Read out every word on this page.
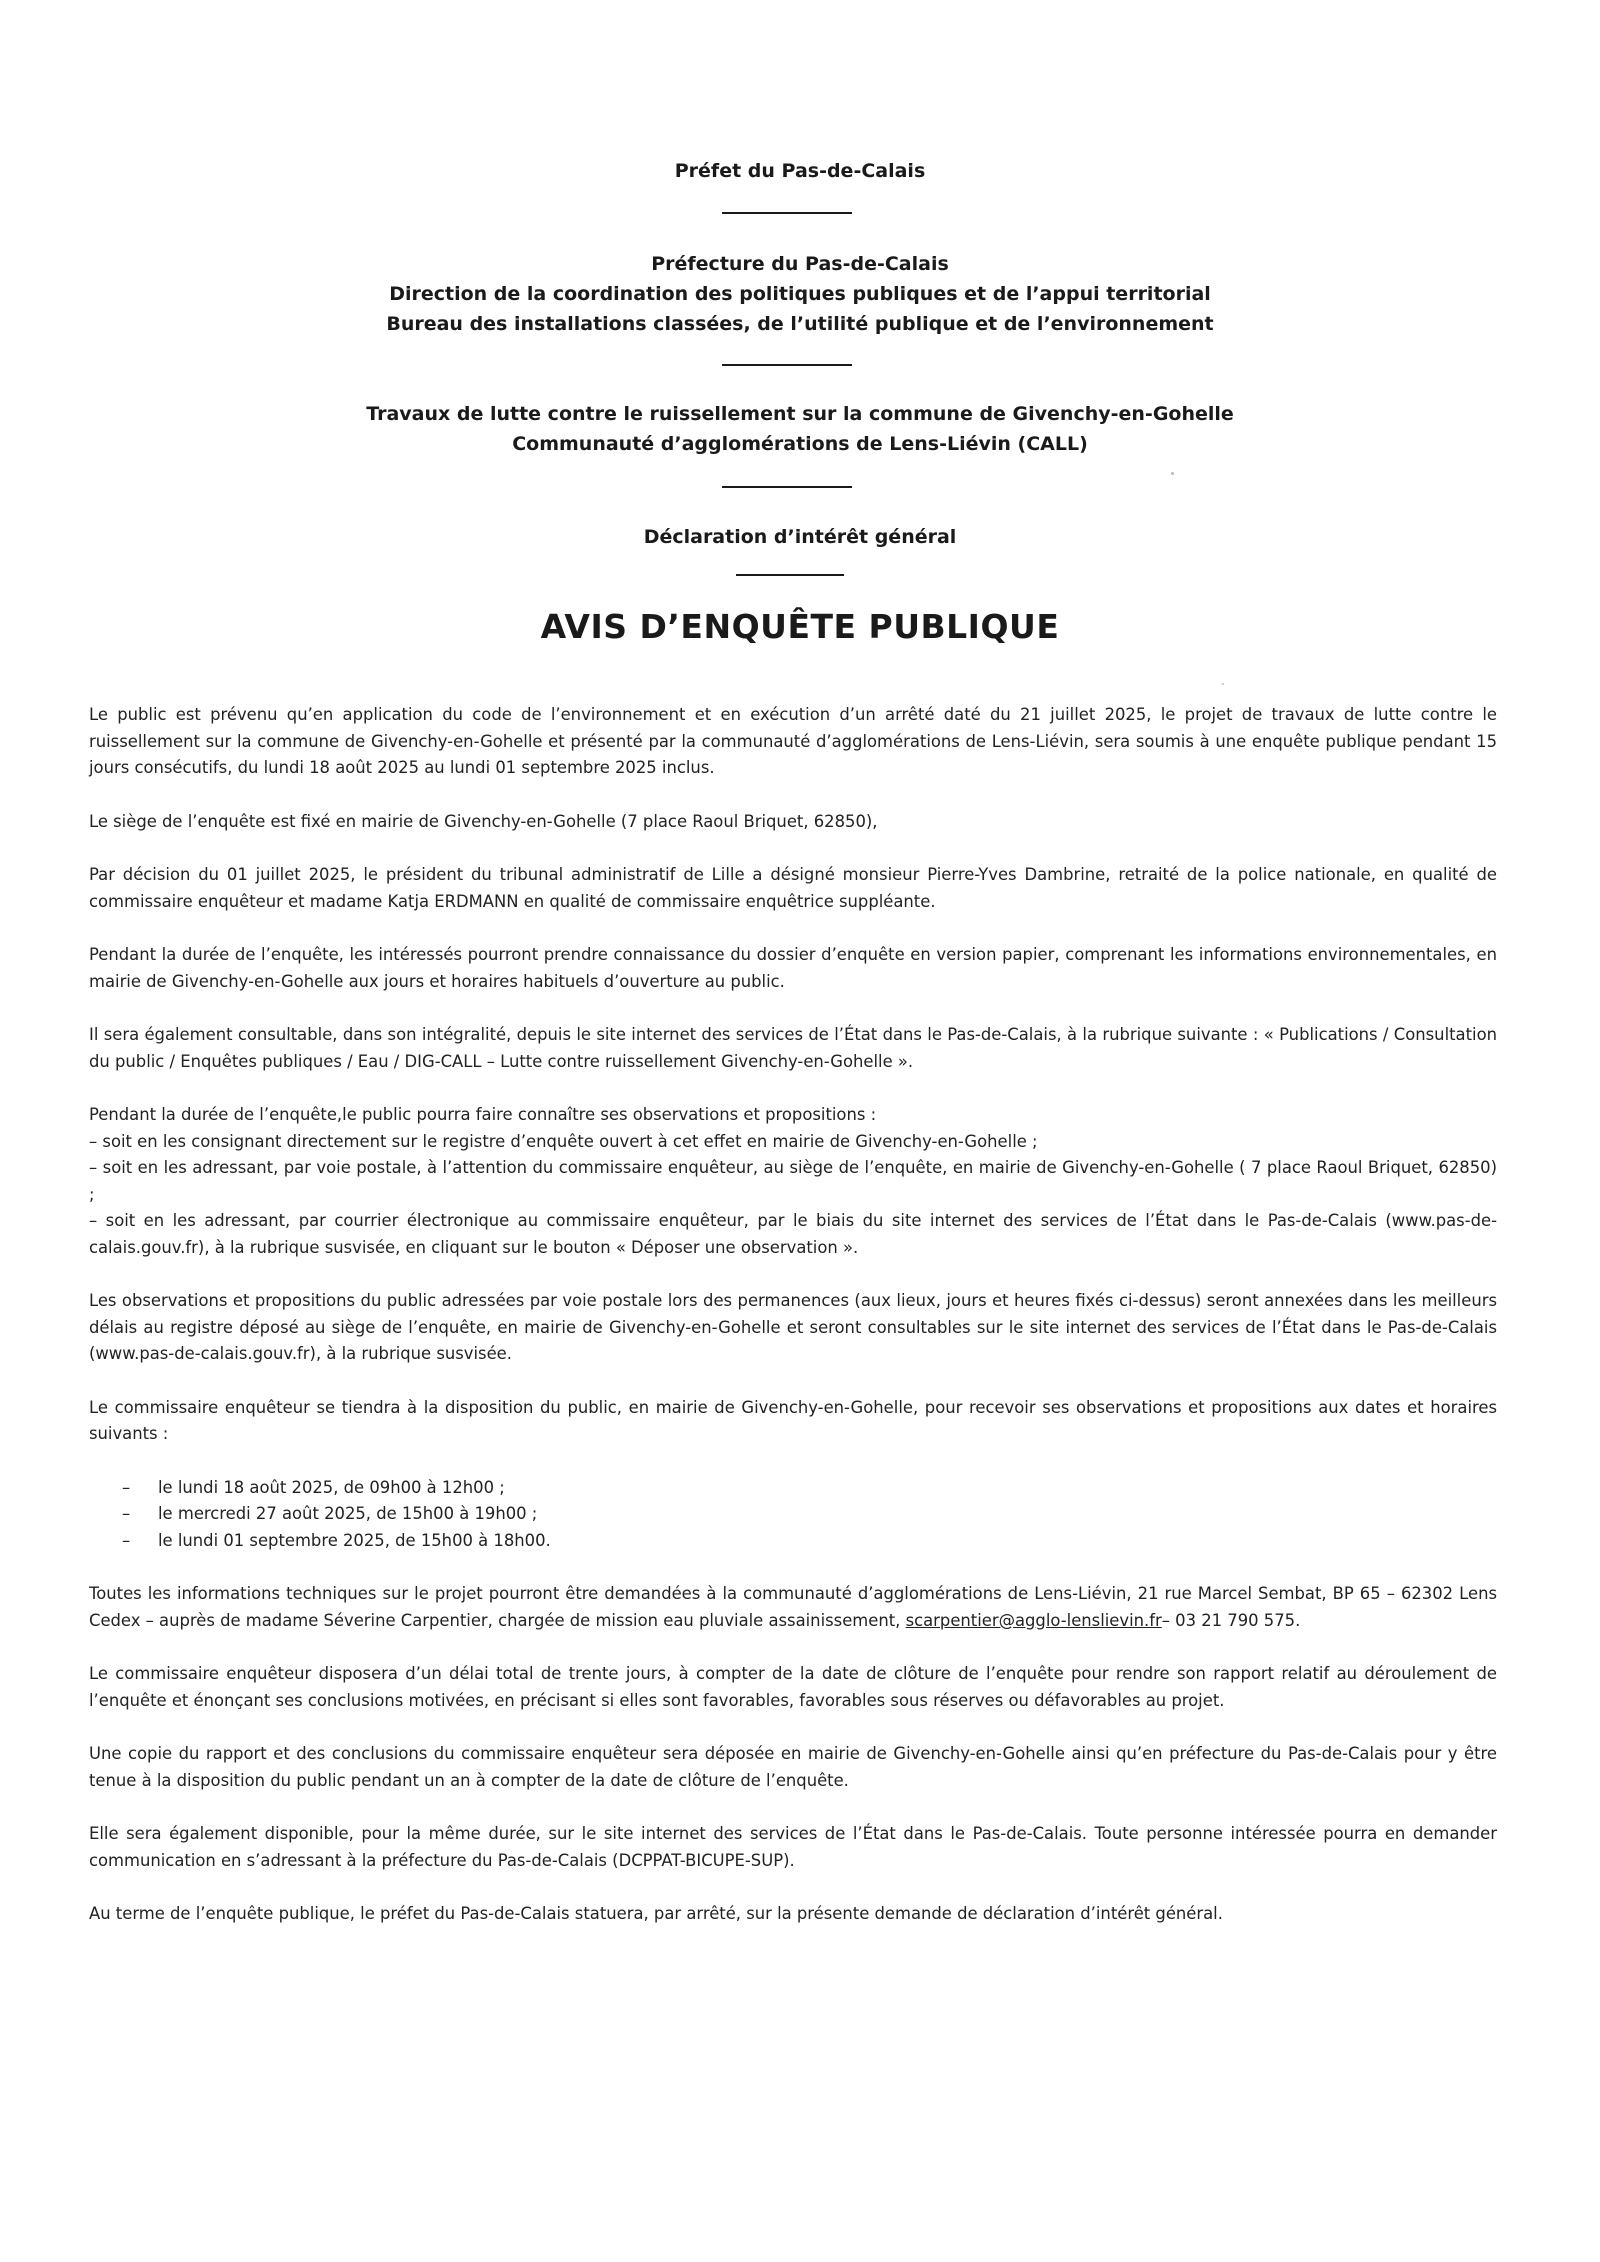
Préfet du Pas-de-Calais
Préfecture du Pas-de-Calais
Direction de la coordination des politiques publiques et de l’appui territorial
Bureau des installations classées, de l’utilité publique et de l’environnement
Travaux de lutte contre le ruissellement sur la commune de Givenchy-en-Gohelle
Communauté d’agglomérations de Lens-Liévin (CALL)
Déclaration d’intérêt général
AVIS D’ENQUÊTE PUBLIQUE

Le public est prévenu qu’en application du code de l’environnement et en exécution d’un arrêté daté du 21 juillet 2025, le projet de travaux de lutte contre le ruissellement sur la commune de Givenchy-en-Gohelle et présenté par la communauté d’agglomérations de Lens-Liévin, sera soumis à une enquête publique pendant 15 jours consécutifs, du lundi 18 août 2025 au lundi 01 septembre 2025 inclus.

Le siège de l’enquête est fixé en mairie de Givenchy-en-Gohelle (7 place Raoul Briquet, 62850),

Par décision du 01 juillet 2025, le président du tribunal administratif de Lille a désigné monsieur Pierre-Yves Dambrine, retraité de la police nationale, en qualité de commissaire enquêteur et madame Katja ERDMANN en qualité de commissaire enquêtrice suppléante.

Pendant la durée de l’enquête, les intéressés pourront prendre connaissance du dossier d’enquête en version papier, comprenant les informations environnementales, en mairie de Givenchy-en-Gohelle aux jours et horaires habituels d’ouverture au public.

Il sera également consultable, dans son intégralité, depuis le site internet des services de l’État dans le Pas-de-Calais, à la rubrique suivante : « Publications / Consultation du public / Enquêtes publiques / Eau / DIG-CALL – Lutte contre ruissellement Givenchy-en-Gohelle ».

Pendant la durée de l’enquête,le public pourra faire connaître ses observations et propositions :
– soit en les consignant directement sur le registre d’enquête ouvert à cet effet en mairie de Givenchy-en-Gohelle ;
– soit en les adressant, par voie postale, à l’attention du commissaire enquêteur, au siège de l’enquête, en mairie de Givenchy-en-Gohelle ( 7 place Raoul Briquet, 62850) ;
– soit en les adressant, par courrier électronique au commissaire enquêteur, par le biais du site internet des services de l’État dans le Pas-de-Calais (www.pas-de-calais.gouv.fr), à la rubrique susvisée, en cliquant sur le bouton « Déposer une observation ».

Les observations et propositions du public adressées par voie postale lors des permanences (aux lieux, jours et heures fixés ci-dessus) seront annexées dans les meilleurs délais au registre déposé au siège de l’enquête, en mairie de Givenchy-en-Gohelle et seront consultables sur le site internet des services de l’État dans le Pas-de-Calais (www.pas-de-calais.gouv.fr), à la rubrique susvisée.

Le commissaire enquêteur se tiendra à la disposition du public, en mairie de Givenchy-en-Gohelle, pour recevoir ses observations et propositions aux dates et horaires suivants :

– le lundi 18 août 2025, de 09h00 à 12h00 ;
– le mercredi 27 août 2025, de 15h00 à 19h00 ;
– le lundi 01 septembre 2025, de 15h00 à 18h00.

Toutes les informations techniques sur le projet pourront être demandées à la communauté d’agglomérations de Lens-Liévin, 21 rue Marcel Sembat, BP 65 – 62302 Lens Cedex – auprès de madame Séverine Carpentier, chargée de mission eau pluviale assainissement, scarpentier@agglo-lenslievin.fr– 03 21 790 575.

Le commissaire enquêteur disposera d’un délai total de trente jours, à compter de la date de clôture de l’enquête pour rendre son rapport relatif au déroulement de l’enquête et énonçant ses conclusions motivées, en précisant si elles sont favorables, favorables sous réserves ou défavorables au projet.

Une copie du rapport et des conclusions du commissaire enquêteur sera déposée en mairie de Givenchy-en-Gohelle ainsi qu’en préfecture du Pas-de-Calais pour y être tenue à la disposition du public pendant un an à compter de la date de clôture de l’enquête.

Elle sera également disponible, pour la même durée, sur le site internet des services de l’État dans le Pas-de-Calais. Toute personne intéressée pourra en demander communication en s’adressant à la préfecture du Pas-de-Calais (DCPPAT-BICUPE-SUP).

Au terme de l’enquête publique, le préfet du Pas-de-Calais statuera, par arrêté, sur la présente demande de déclaration d’intérêt général.
